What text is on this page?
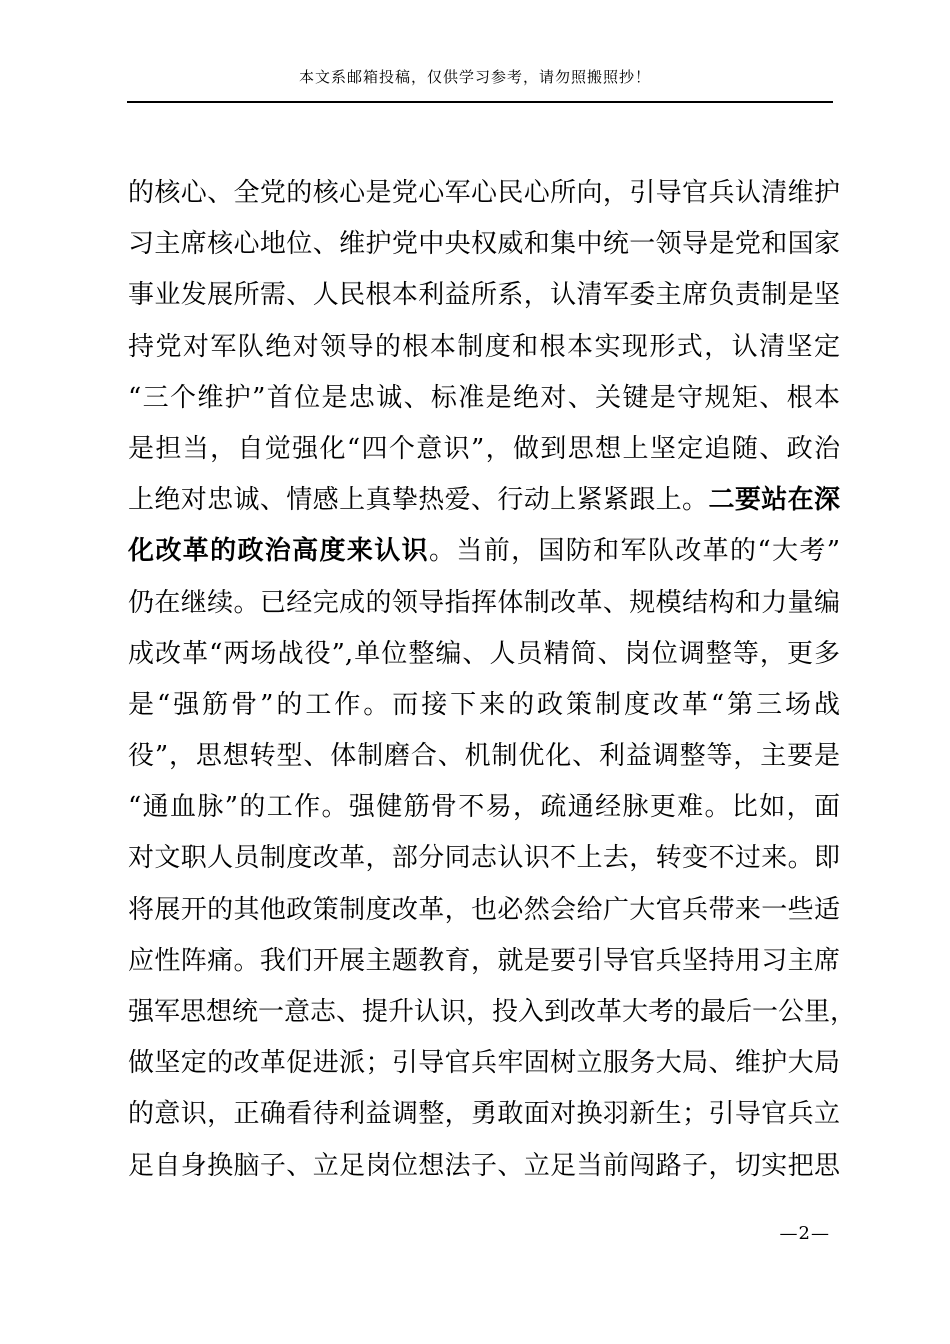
本文系邮箱投稿，仅供学习参考，请勿照搬照抄！
的核心、全党的核心是党心军心民心所向，引导官兵认清维护
习主席核心地位、维护党中央权威和集中统一领导是党和国家
事业发展所需、人民根本利益所系，认清军委主席负责制是坚
持党对军队绝对领导的根本制度和根本实现形式，认清坚定
“三个维护”首位是忠诚、标准是绝对、关键是守规矩、根本
是担当，自觉强化“四个意识”，做到思想上坚定追随、政治
上绝对忠诚、情感上真挚热爱、行动上紧紧跟上。二要站在深
化改革的政治高度来认识。当前，国防和军队改革的“大考”
仍在继续。已经完成的领导指挥体制改革、规模结构和力量编
成改革“两场战役”,单位整编、人员精简、岗位调整等，更多
是“强筋骨”的工作。而接下来的政策制度改革“第三场战
役”，思想转型、体制磨合、机制优化、利益调整等，主要是
“通血脉”的工作。强健筋骨不易，疏通经脉更难。比如，面
对文职人员制度改革，部分同志认识不上去，转变不过来。即
将展开的其他政策制度改革，也必然会给广大官兵带来一些适
应性阵痛。我们开展主题教育，就是要引导官兵坚持用习主席
强军思想统一意志、提升认识，投入到改革大考的最后一公里，
做坚定的改革促进派；引导官兵牢固树立服务大局、维护大局
的意识，正确看待利益调整，勇敢面对换羽新生；引导官兵立
足自身换脑子、立足岗位想法子、立足当前闯路子，切实把思
—2—
